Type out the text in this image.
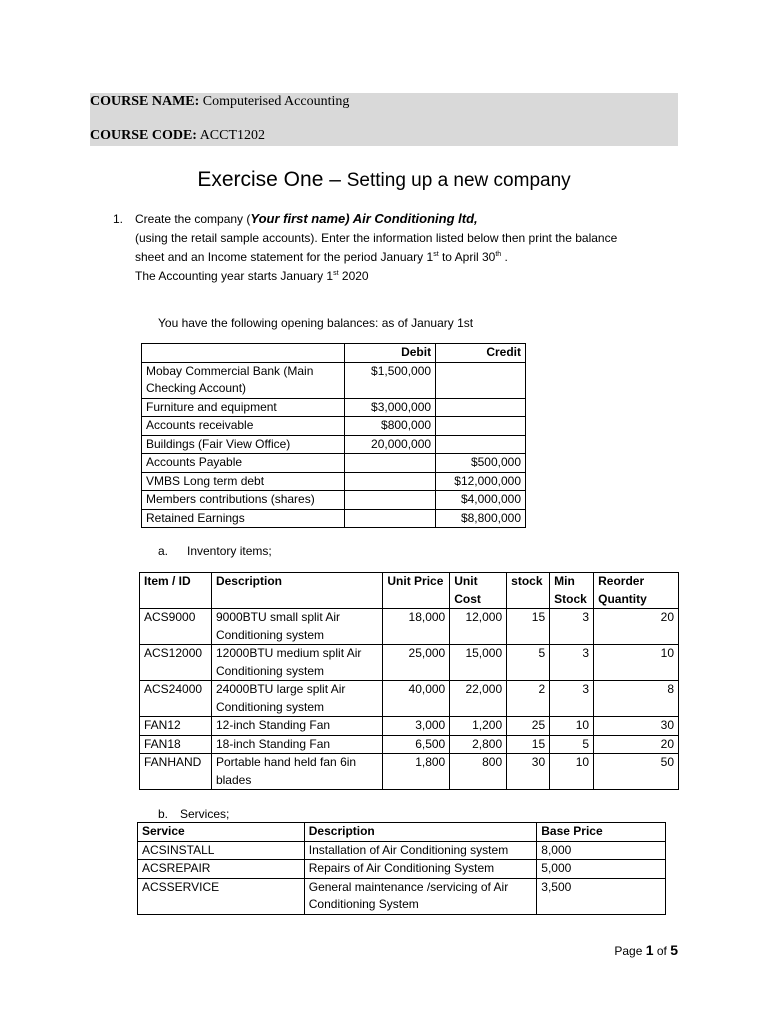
COURSE NAME: Computerised Accounting
COURSE CODE: ACCT1202
Exercise One – Setting up a new company
1. Create the company (Your first name) Air Conditioning ltd,
(using the retail sample accounts). Enter the information listed below then print the balance
sheet and an Income statement for the period January 1st to April 30th .
The Accounting year starts January 1st 2020
You have the following opening balances: as of January 1st
	Debit	Credit
Mobay Commercial Bank (Main Checking Account)	$1,500,000	
Furniture and equipment	$3,000,000	
Accounts receivable	$800,000	
Buildings (Fair View Office)	20,000,000	
Accounts Payable		$500,000
VMBS Long term debt		$12,000,000
Members contributions (shares)		$4,000,000
Retained Earnings		$8,800,000
a. Inventory items;
Item / ID	Description	Unit Price	Unit Cost	stock	Min Stock	Reorder Quantity
ACS9000	9000BTU small split Air Conditioning system	18,000	12,000	15	3	20
ACS12000	12000BTU medium split Air Conditioning system	25,000	15,000	5	3	10
ACS24000	24000BTU large split Air Conditioning system	40,000	22,000	2	3	8
FAN12	12-inch Standing Fan	3,000	1,200	25	10	30
FAN18	18-inch Standing Fan	6,500	2,800	15	5	20
FANHAND	Portable hand held fan 6in blades	1,800	800	30	10	50
b. Services;
Service	Description	Base Price
ACSINSTALL	Installation of Air Conditioning system	8,000
ACSREPAIR	Repairs of Air Conditioning System	5,000
ACSSERVICE	General maintenance /servicing of Air Conditioning System	3,500
Page 1 of 5
